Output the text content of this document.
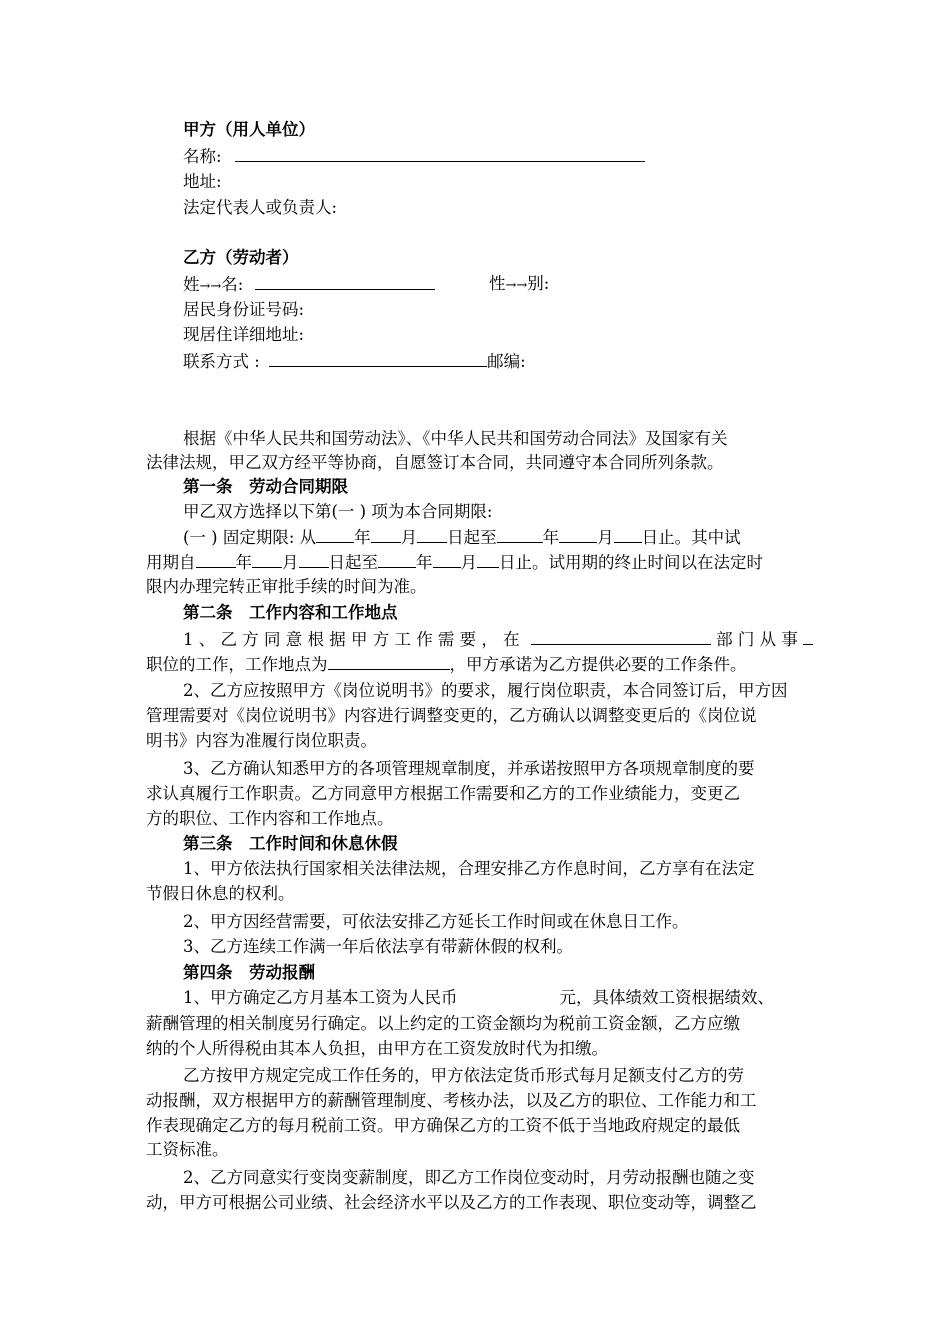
甲方（用人单位）
名称:
地址:
法定代表人或负责人:
乙方（劳动者）
姓→→名:	性→→别:
居民身份证号码:
现居住详细地址:
联系方式 :	邮编:
根据《中华人民共和国劳动法》、《中华人民共和国劳动合同法》及国家有关
法律法规，甲乙双方经平等协商，自愿签订本合同，共同遵守本合同所列条款。
第一条　劳动合同期限
甲乙双方选择以下第(一 ) 项为本合同期限:
(一 ) 固定期限: 从 年 月 日起至	年 月 日止。其中试
用期自 年 月 日起至 年 月 日止。试用期的终止时间以在法定时
限内办理完转正审批手续的时间为准。
第二条　工作内容和工作地点
1 、 乙 方 同 意 根 据 甲 方 工 作 需 要 ， 在	部 门 从 事
职位的工作，工作地点为	，甲方承诺为乙方提供必要的工作条件。
2、乙方应按照甲方《岗位说明书》的要求，履行岗位职责，本合同签订后，甲方因
管理需要对《岗位说明书》内容进行调整变更的，乙方确认以调整变更后的《岗位说
明书》内容为准履行岗位职责。
3、乙方确认知悉甲方的各项管理规章制度，并承诺按照甲方各项规章制度的要
求认真履行工作职责。乙方同意甲方根据工作需要和乙方的工作业绩能力，变更乙
方的职位、工作内容和工作地点。
第三条　工作时间和休息休假
1、甲方依法执行国家相关法律法规，合理安排乙方作息时间，乙方享有在法定
节假日休息的权利。
2、甲方因经营需要，可依法安排乙方延长工作时间或在休息日工作。
3、乙方连续工作满一年后依法享有带薪休假的权利。
第四条　劳动报酬
1、甲方确定乙方月基本工资为人民币	元，具体绩效工资根据绩效、
薪酬管理的相关制度另行确定。以上约定的工资金额均为税前工资金额，乙方应缴
纳的个人所得税由其本人负担，由甲方在工资发放时代为扣缴。
乙方按甲方规定完成工作任务的，甲方依法定货币形式每月足额支付乙方的劳
动报酬，双方根据甲方的薪酬管理制度、考核办法，以及乙方的职位、工作能力和工
作表现确定乙方的每月税前工资。甲方确保乙方的工资不低于当地政府规定的最低
工资标准。
2、乙方同意实行变岗变薪制度，即乙方工作岗位变动时，月劳动报酬也随之变
动，甲方可根据公司业绩、社会经济水平以及乙方的工作表现、职位变动等，调整乙
